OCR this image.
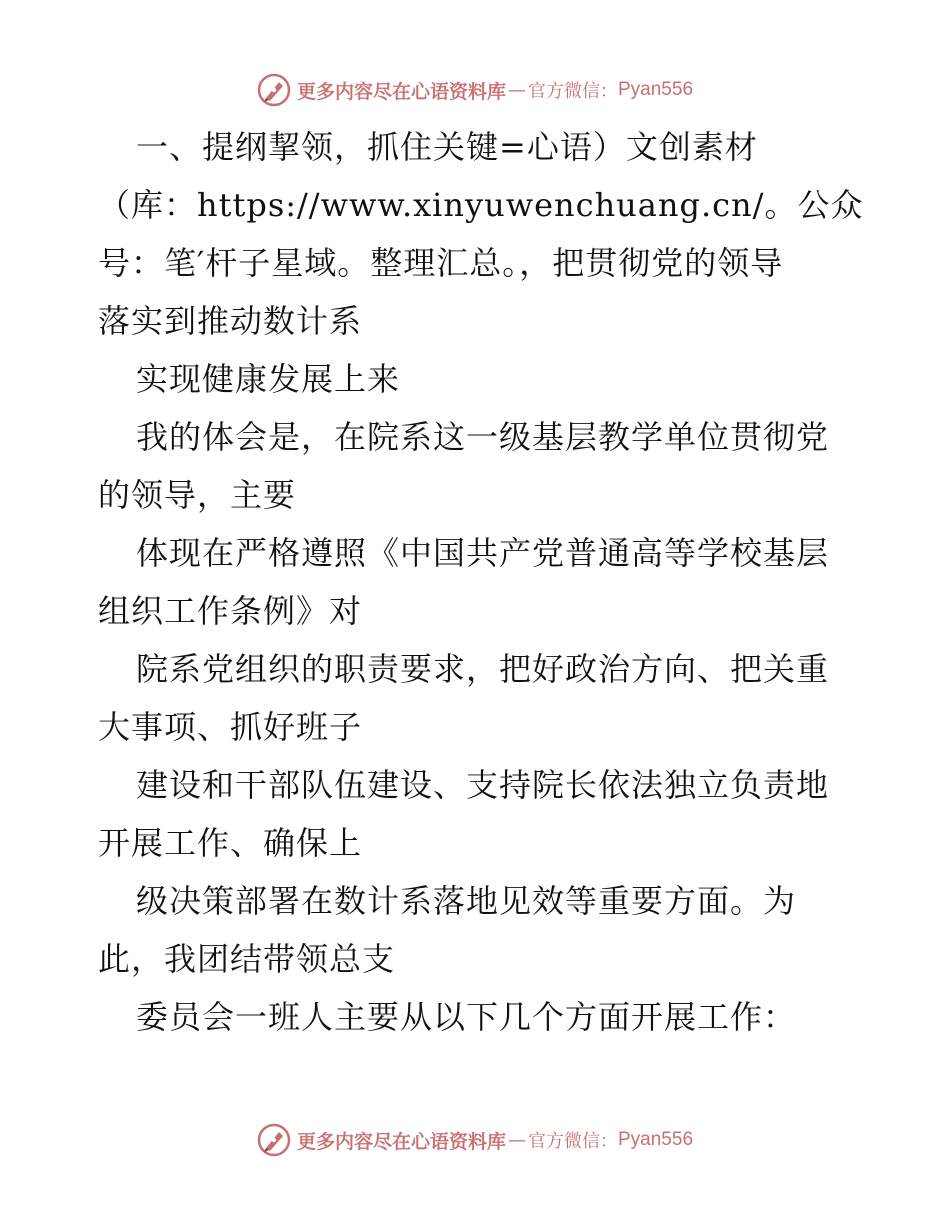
更多内容尽在心语资料库 — 官方微信： Pyan556
一、提纲挈领，抓住关键=心语）文创素材
（库：https://www.xinyuwenchuang.cn/。公众
号：笔′杆子星域。整理汇总。，把贯彻党的领导
落实到推动数计系
实现健康发展上来
我的体会是，在院系这一级基层教学单位贯彻党
的领导，主要
体现在严格遵照《中国共产党普通高等学校基层
组织工作条例》对
院系党组织的职责要求，把好政治方向、把关重
大事项、抓好班子
建设和干部队伍建设、支持院长依法独立负责地
开展工作、确保上
级决策部署在数计系落地见效等重要方面。为
此，我团结带领总支
委员会一班人主要从以下几个方面开展工作：
更多内容尽在心语资料库 — 官方微信： Pyan556
